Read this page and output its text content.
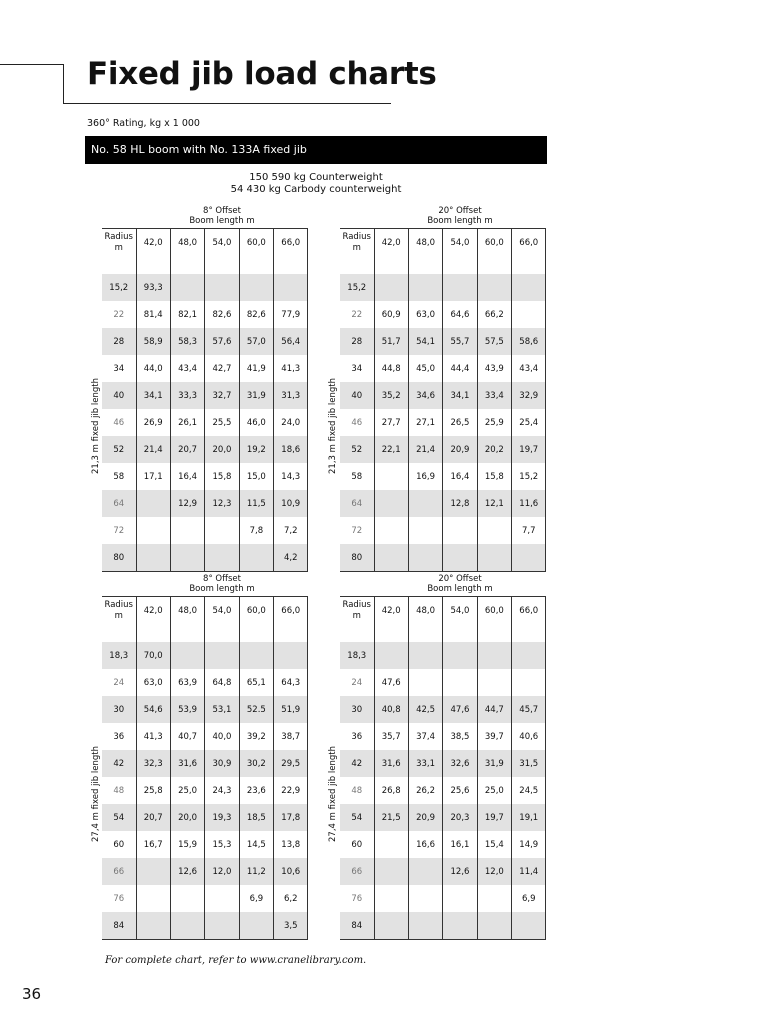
Fixed jib load charts
360° Rating, kg x 1 000
No. 58 HL boom with No. 133A fixed jib
150 590 kg Counterweight
54 430 kg Carbody counterweight
21,3 m fixed jib length
8° Offset
Boom length m
Radius
m	42,0	48,0	54,0	60,0	66,0

15,2	93,3				
22	81,4	82,1	82,6	82,6	77,9
28	58,9	58,3	57,6	57,0	56,4
34	44,0	43,4	42,7	41,9	41,3
40	34,1	33,3	32,7	31,9	31,3
46	26,9	26,1	25,5	46,0	24,0
52	21,4	20,7	20,0	19,2	18,6
58	17,1	16,4	15,8	15,0	14,3
64		12,9	12,3	11,5	10,9
72				7,8	7,2
80					4,2
21,3 m fixed jib length
20° Offset
Boom length m
Radius
m	42,0	48,0	54,0	60,0	66,0

15,2					
22	60,9	63,0	64,6	66,2	
28	51,7	54,1	55,7	57,5	58,6
34	44,8	45,0	44,4	43,9	43,4
40	35,2	34,6	34,1	33,4	32,9
46	27,7	27,1	26,5	25,9	25,4
52	22,1	21,4	20,9	20,2	19,7
58		16,9	16,4	15,8	15,2
64			12,8	12,1	11,6
72					7,7
80					
27,4 m fixed jib length
8° Offset
Boom length m
Radius
m	42,0	48,0	54,0	60,0	66,0

18,3	70,0				
24	63,0	63,9	64,8	65,1	64,3
30	54,6	53,9	53,1	52.5	51,9
36	41,3	40,7	40,0	39,2	38,7
42	32,3	31,6	30,9	30,2	29,5
48	25,8	25,0	24,3	23,6	22,9
54	20,7	20,0	19,3	18,5	17,8
60	16,7	15,9	15,3	14,5	13,8
66		12,6	12,0	11,2	10,6
76				6,9	6,2
84					3,5
27,4 m fixed jib length
20° Offset
Boom length m
Radius
m	42,0	48,0	54,0	60,0	66,0

18,3					
24	47,6				
30	40,8	42,5	47,6	44,7	45,7
36	35,7	37,4	38,5	39,7	40,6
42	31,6	33,1	32,6	31,9	31,5
48	26,8	26,2	25,6	25,0	24,5
54	21,5	20,9	20,3	19,7	19,1
60		16,6	16,1	15,4	14,9
66			12,6	12,0	11,4
76					6,9
84					
For complete chart, refer to www.cranelibrary.com.
36
